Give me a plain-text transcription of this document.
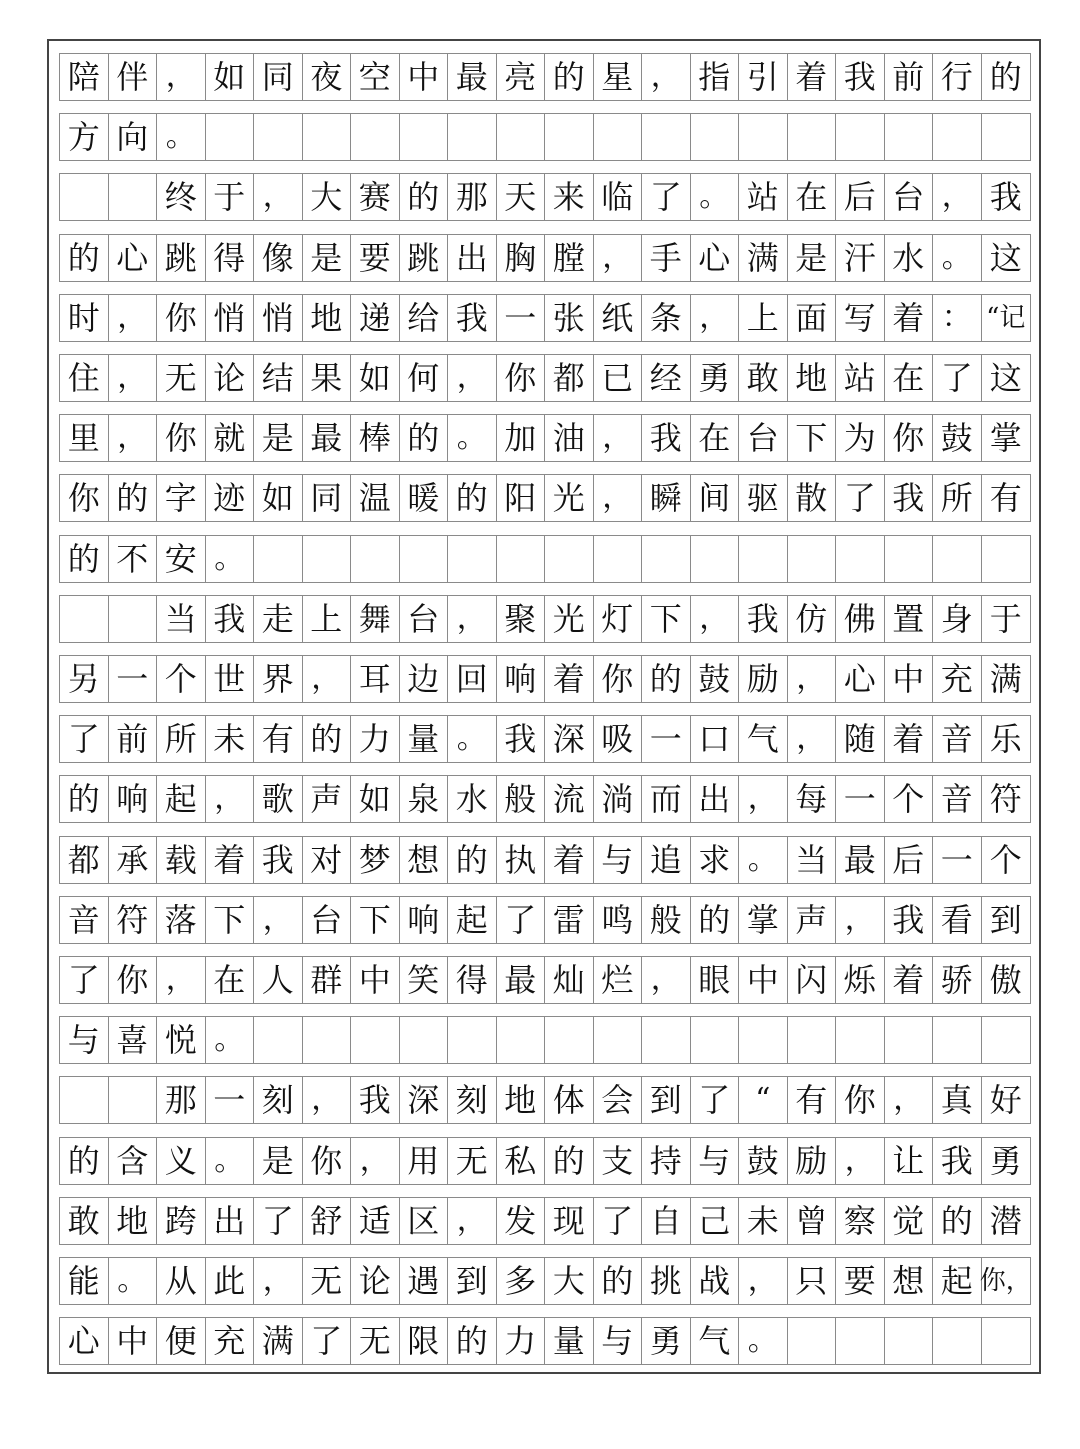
陪 伴 ， 如 同 夜 空 中 最 亮 的 星 ， 指 引 着 我 前 行 的
方 向 。
终 于 ， 大 赛 的 那 天 来 临 了 。 站 在 后 台 ， 我
的 心 跳 得 像 是 要 跳 出 胸 膛 ， 手 心 满 是 汗 水 。 这
时 ， 你 悄 悄 地 递 给 我 一 张 纸 条 ， 上 面 写 着 ： “记
住 ， 无 论 结 果 如 何 ， 你 都 已 经 勇 敢 地 站 在 了 这
里 ， 你 就 是 最 棒 的 。 加 油 ， 我 在 台 下 为 你 鼓 掌
你 的 字 迹 如 同 温 暖 的 阳 光 ， 瞬 间 驱 散 了 我 所 有
的 不 安 。
当 我 走 上 舞 台 ， 聚 光 灯 下 ， 我 仿 佛 置 身 于
另 一 个 世 界 ， 耳 边 回 响 着 你 的 鼓 励 ， 心 中 充 满
了 前 所 未 有 的 力 量 。 我 深 吸 一 口 气 ， 随 着 音 乐
的 响 起 ， 歌 声 如 泉 水 般 流 淌 而 出 ， 每 一 个 音 符
都 承 载 着 我 对 梦 想 的 执 着 与 追 求 。 当 最 后 一 个
音 符 落 下 ， 台 下 响 起 了 雷 鸣 般 的 掌 声 ， 我 看 到
了 你 ， 在 人 群 中 笑 得 最 灿 烂 ， 眼 中 闪 烁 着 骄 傲
与 喜 悦 。
那 一 刻 ， 我 深 刻 地 体 会 到 了 “ 有 你 ， 真 好
的 含 义 。 是 你 ， 用 无 私 的 支 持 与 鼓 励 ， 让 我 勇
敢 地 跨 出 了 舒 适 区 ， 发 现 了 自 己 未 曾 察 觉 的 潜
能 。 从 此 ， 无 论 遇 到 多 大 的 挑 战 ， 只 要 想 起 你，
心 中 便 充 满 了 无 限 的 力 量 与 勇 气 。
